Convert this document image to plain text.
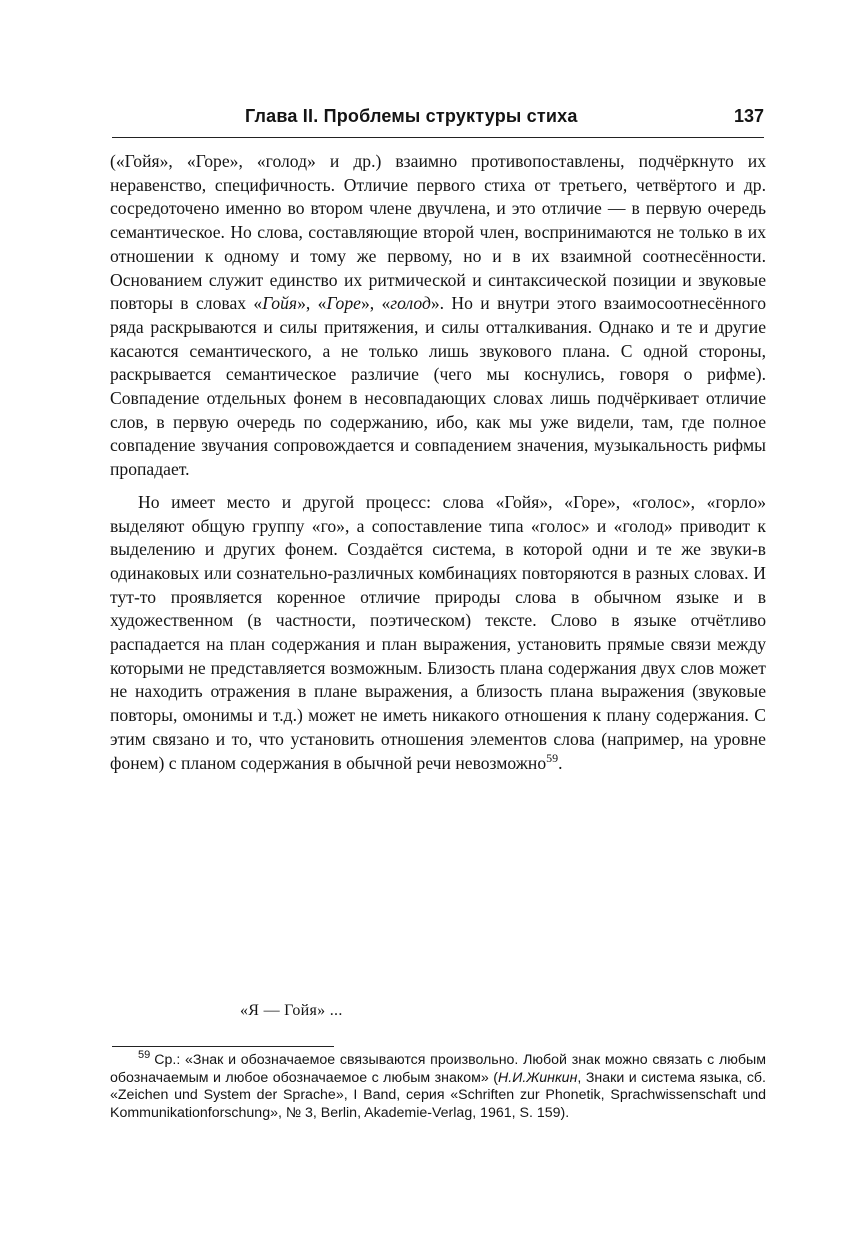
Глава II. Проблемы структуры стиха	137

(«Гойя», «Горе», «голод» и др.) взаимно противопоставлены, подчёркнуто их неравенство, специфичность. Отличие первого стиха от третьего, четвёртого и др. сосредоточено именно во втором члене двучлена, и это отличие — в первую очередь семантическое. Но слова, составляющие второй член, воспринимаются не только в их отношении к одному и тому же первому, но и в их взаимной соотнесённости. Основанием служит единство их ритмической и синтаксической позиции и звуковые повторы в словах «Гойя», «Горе», «голод». Но и внутри этого взаимосоотнесённого ряда раскрываются и силы притяжения, и силы отталкивания. Однако и те и другие касаются семантического, а не только лишь звукового плана. С одной стороны, раскрывается семантическое различие (чего мы коснулись, говоря о рифме). Совпадение отдельных фонем в несовпадающих словах лишь подчёркивает отличие слов, в первую очередь по содержанию, ибо, как мы уже видели, там, где полное совпадение звучания сопровождается и совпадением значения, музыкальность рифмы пропадает.

Но имеет место и другой процесс: слова «Гойя», «Горе», «голос», «горло» выделяют общую группу «го», а сопоставление типа «голос» и «голод» приводит к выделению и других фонем. Создаётся система, в которой одни и те же звуки-в одинаковых или сознательно-различных комбинациях повторяются в разных словах. И тут-то проявляется коренное отличие природы слова в обычном языке и в художественном (в частности, поэтическом) тексте. Слово в языке отчётливо распадается на план содержания и план выражения, установить прямые связи между которыми не представляется возможным. Близость плана содержания двух слов может не находить отражения в плане выражения, а близость плана выражения (звуковые повторы, омонимы и т.д.) может не иметь никакого отношения к плану содержания. С этим связано и то, что установить отношения элементов слова (например, на уровне фонем) с планом содержания в обычной речи невозможно$^{59}$.

«Я — Гойя» ...
$^{59}$ Ср.: «Знак и обозначаемое связываются произвольно. Любой знак можно связать с любым обозначаемым и любое обозначаемое с любым знаком» (Н.И.Жинкин, Знаки и система языка, сб. «Zeichen und System der Sprache», I Band, серия «Schriften zur Phonetik, Sprachwissenschaft und Kommunikationforschung», № 3, Berlin, Akademie-Verlag, 1961, S. 159).
